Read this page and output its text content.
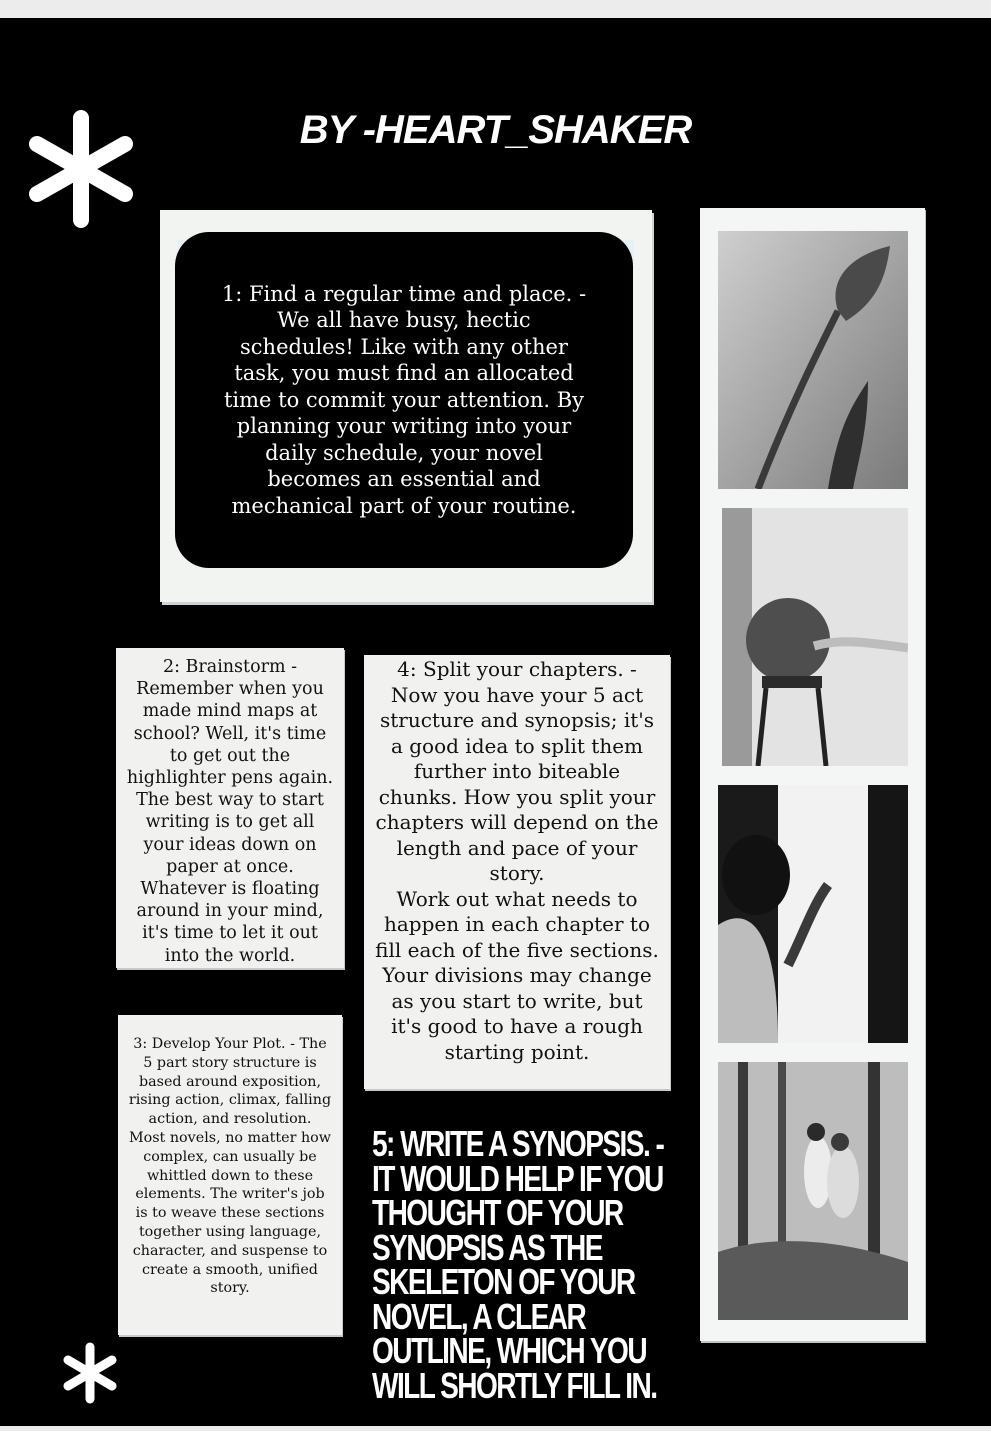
BY -HEART_SHAKER
1: Find a regular time and place. - We all have busy, hectic schedules! Like with any other task, you must find an allocated time to commit your attention. By planning your writing into your daily schedule, your novel becomes an essential and mechanical part of your routine.

2: Brainstorm - Remember when you made mind maps at school? Well, it's time to get out the highlighter pens again. The best way to start writing is to get all your ideas down on paper at once. Whatever is floating around in your mind, it's time to let it out into the world.

4: Split your chapters. - Now you have your 5 act structure and synopsis; it's a good idea to split them further into biteable chunks. How you split your chapters will depend on the length and pace of your story.

Work out what needs to happen in each chapter to fill each of the five sections. Your divisions may change as you start to write, but it's good to have a rough starting point.

3: Develop Your Plot. - The 5 part story structure is based around exposition, rising action, climax, falling action, and resolution.

Most novels, no matter how complex, can usually be whittled down to these elements. The writer's job is to weave these sections together using language, character, and suspense to create a smooth, unified story.

5: WRITE A SYNOPSIS. - IT WOULD HELP IF YOU THOUGHT OF YOUR SYNOPSIS AS THE SKELETON OF YOUR NOVEL, A CLEAR OUTLINE, WHICH YOU WILL SHORTLY FILL IN.
